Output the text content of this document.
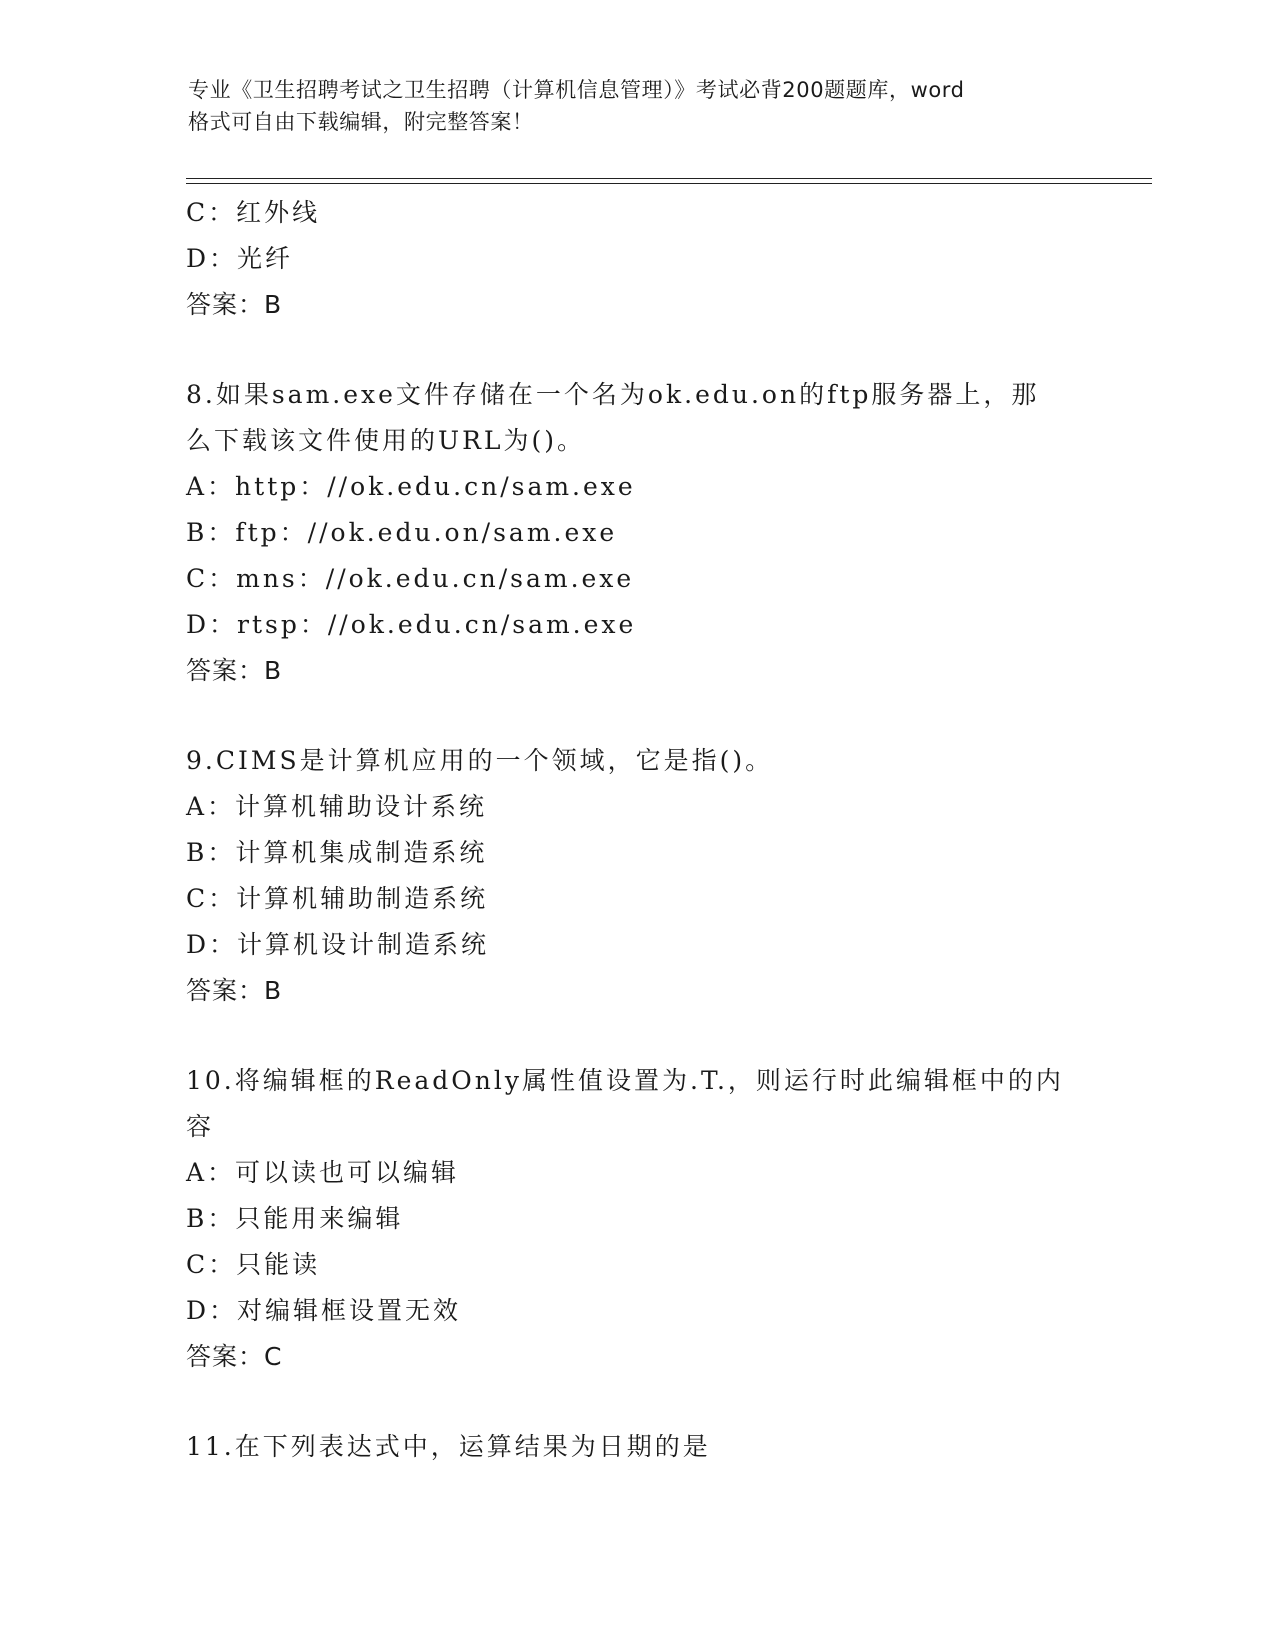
专业《卫生招聘考试之卫生招聘（计算机信息管理）》考试必背200题题库，word
格式可自由下载编辑，附完整答案！
C：红外线
D：光纤
答案：B
8.如果sam.exe文件存储在一个名为ok.edu.on的ftp服务器上，那
么下载该文件使用的URL为()。
A：http：//ok.edu.cn/sam.exe
B：ftp：//ok.edu.on/sam.exe
C：mns：//ok.edu.cn/sam.exe
D：rtsp：//ok.edu.cn/sam.exe
答案：B
9.CIMS是计算机应用的一个领域，它是指()。
A：计算机辅助设计系统
B：计算机集成制造系统
C：计算机辅助制造系统
D：计算机设计制造系统
答案：B
10.将编辑框的ReadOnly属性值设置为.T.，则运行时此编辑框中的内
容
A：可以读也可以编辑
B：只能用来编辑
C：只能读
D：对编辑框设置无效
答案：C
11.在下列表达式中，运算结果为日期的是
